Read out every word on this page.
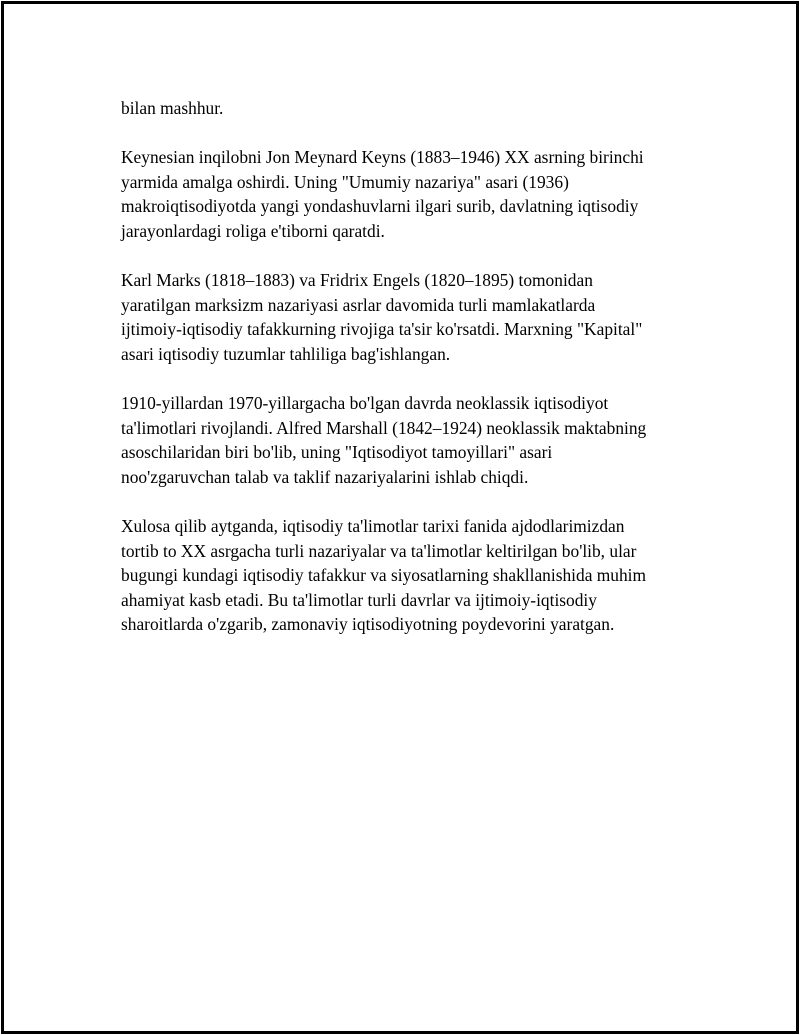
bilan mashhur.

Keynesian inqilobni Jon Meynard Keyns (1883–1946) XX asrning birinchi
yarmida amalga oshirdi. Uning "Umumiy nazariya" asari (1936)
makroiqtisodiyotda yangi yondashuvlarni ilgari surib, davlatning iqtisodiy
jarayonlardagi roliga e'tiborni qaratdi.

Karl Marks (1818–1883) va Fridrix Engels (1820–1895) tomonidan
yaratilgan marksizm nazariyasi asrlar davomida turli mamlakatlarda
ijtimoiy-iqtisodiy tafakkurning rivojiga ta'sir ko'rsatdi. Marxning "Kapital"
asari iqtisodiy tuzumlar tahliliga bag'ishlangan.

1910-yillardan 1970-yillargacha bo'lgan davrda neoklassik iqtisodiyot
ta'limotlari rivojlandi. Alfred Marshall (1842–1924) neoklassik maktabning
asoschilaridan biri bo'lib, uning "Iqtisodiyot tamoyillari" asari
noo'zgaruvchan talab va taklif nazariyalarini ishlab chiqdi.

Xulosa qilib aytganda, iqtisodiy ta'limotlar tarixi fanida ajdodlarimizdan
tortib to XX asrgacha turli nazariyalar va ta'limotlar keltirilgan bo'lib, ular
bugungi kundagi iqtisodiy tafakkur va siyosatlarning shakllanishida muhim
ahamiyat kasb etadi. Bu ta'limotlar turli davrlar va ijtimoiy-iqtisodiy
sharoitlarda o'zgarib, zamonaviy iqtisodiyotning poydevorini yaratgan.
